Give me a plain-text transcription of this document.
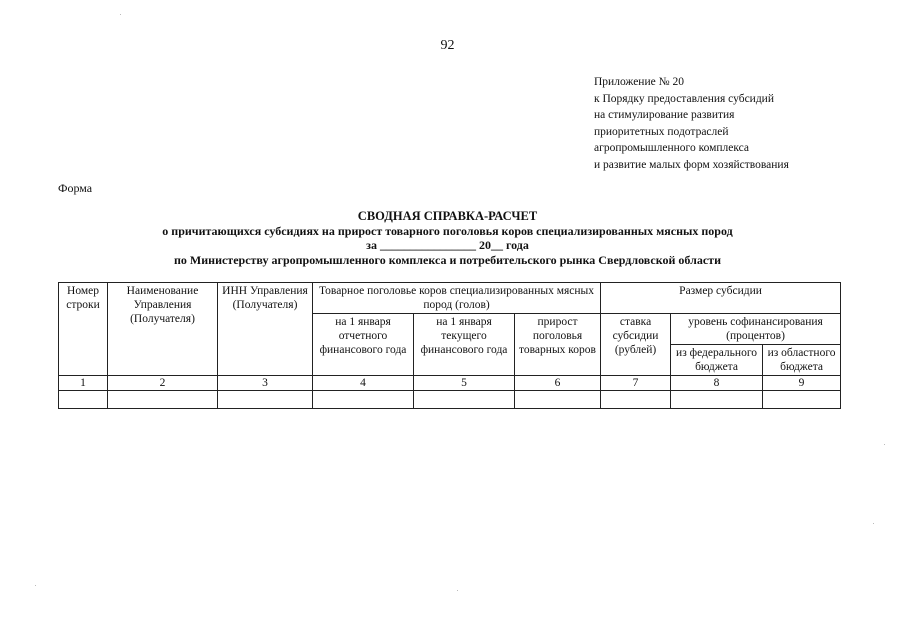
92
Приложение № 20
к Порядку предоставления субсидий
на стимулирование развития
приоритетных подотраслей
агропромышленного комплекса
и развитие малых форм хозяйствования
Форма
СВОДНАЯ СПРАВКА-РАСЧЕТ
о причитающихся субсидиях на прирост товарного поголовья коров специализированных мясных пород
за ________________ 20__ года
по Министерству агропромышленного комплекса и потребительского рынка Свердловской области
Номер строки	Наименование Управления (Получателя)	ИНН Управления (Получателя)	Товарное поголовье коров специализированных мясных пород (голов)			Размер субсидии		
			на 1 января отчетного финансового года	на 1 января текущего финансового года	прирост поголовья товарных коров	ставка субсидии (рублей)	уровень софинансирования (процентов)	
							из федерального бюджета	из областного бюджета
1	2	3	4	5	6	7	8	9
